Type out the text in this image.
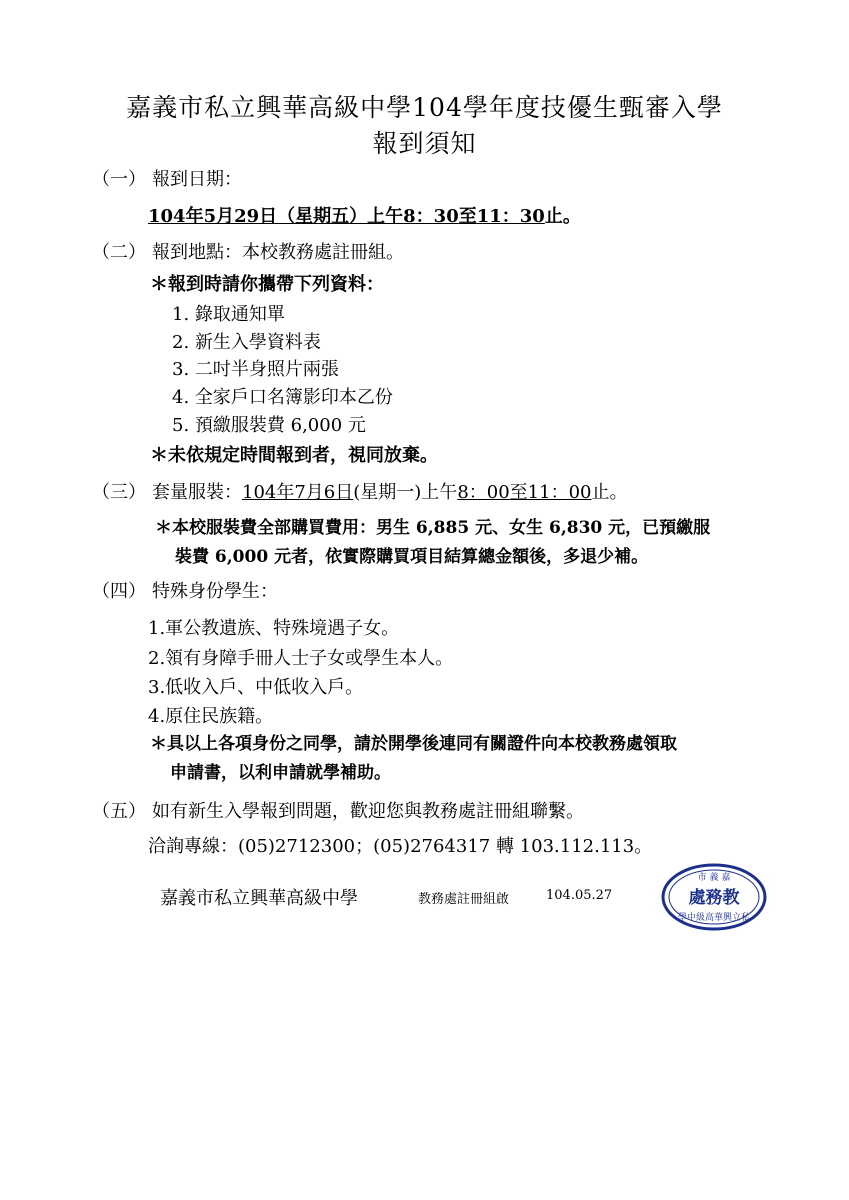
嘉義市私立興華高級中學104學年度技優生甄審入學
報到須知
（一） 報到日期：
104年5月29日（星期五）上午8：30至11：30止。
（二） 報到地點：本校教務處註冊組。
＊報到時請你攜帶下列資料：
1. 錄取通知單
2. 新生入學資料表
3. 二吋半身照片兩張
4. 全家戶口名簿影印本乙份
5. 預繳服裝費 6,000 元
＊未依規定時間報到者，視同放棄。
（三） 套量服裝：104年7月6日(星期一)上午8：00至11：00止。
＊本校服裝費全部購買費用：男生 6,885 元、女生 6,830 元，已預繳服
裝費 6,000 元者，依實際購買項目結算總金額後，多退少補。
（四） 特殊身份學生：
1.軍公教遺族、特殊境遇子女。
2.領有身障手冊人士子女或學生本人。
3.低收入戶、中低收入戶。
4.原住民族籍。
＊具以上各項身份之同學，請於開學後連同有關證件向本校教務處領取
申請書，以利申請就學補助。
（五） 如有新生入學報到問題，歡迎您與教務處註冊組聯繫。
洽詢專線：(05)2712300；(05)2764317 轉 103.112.113。
嘉義市私立興華高級中學	教務處註冊組啟	104.05.27
市 義 嘉
處務教
學中級高華興立私
